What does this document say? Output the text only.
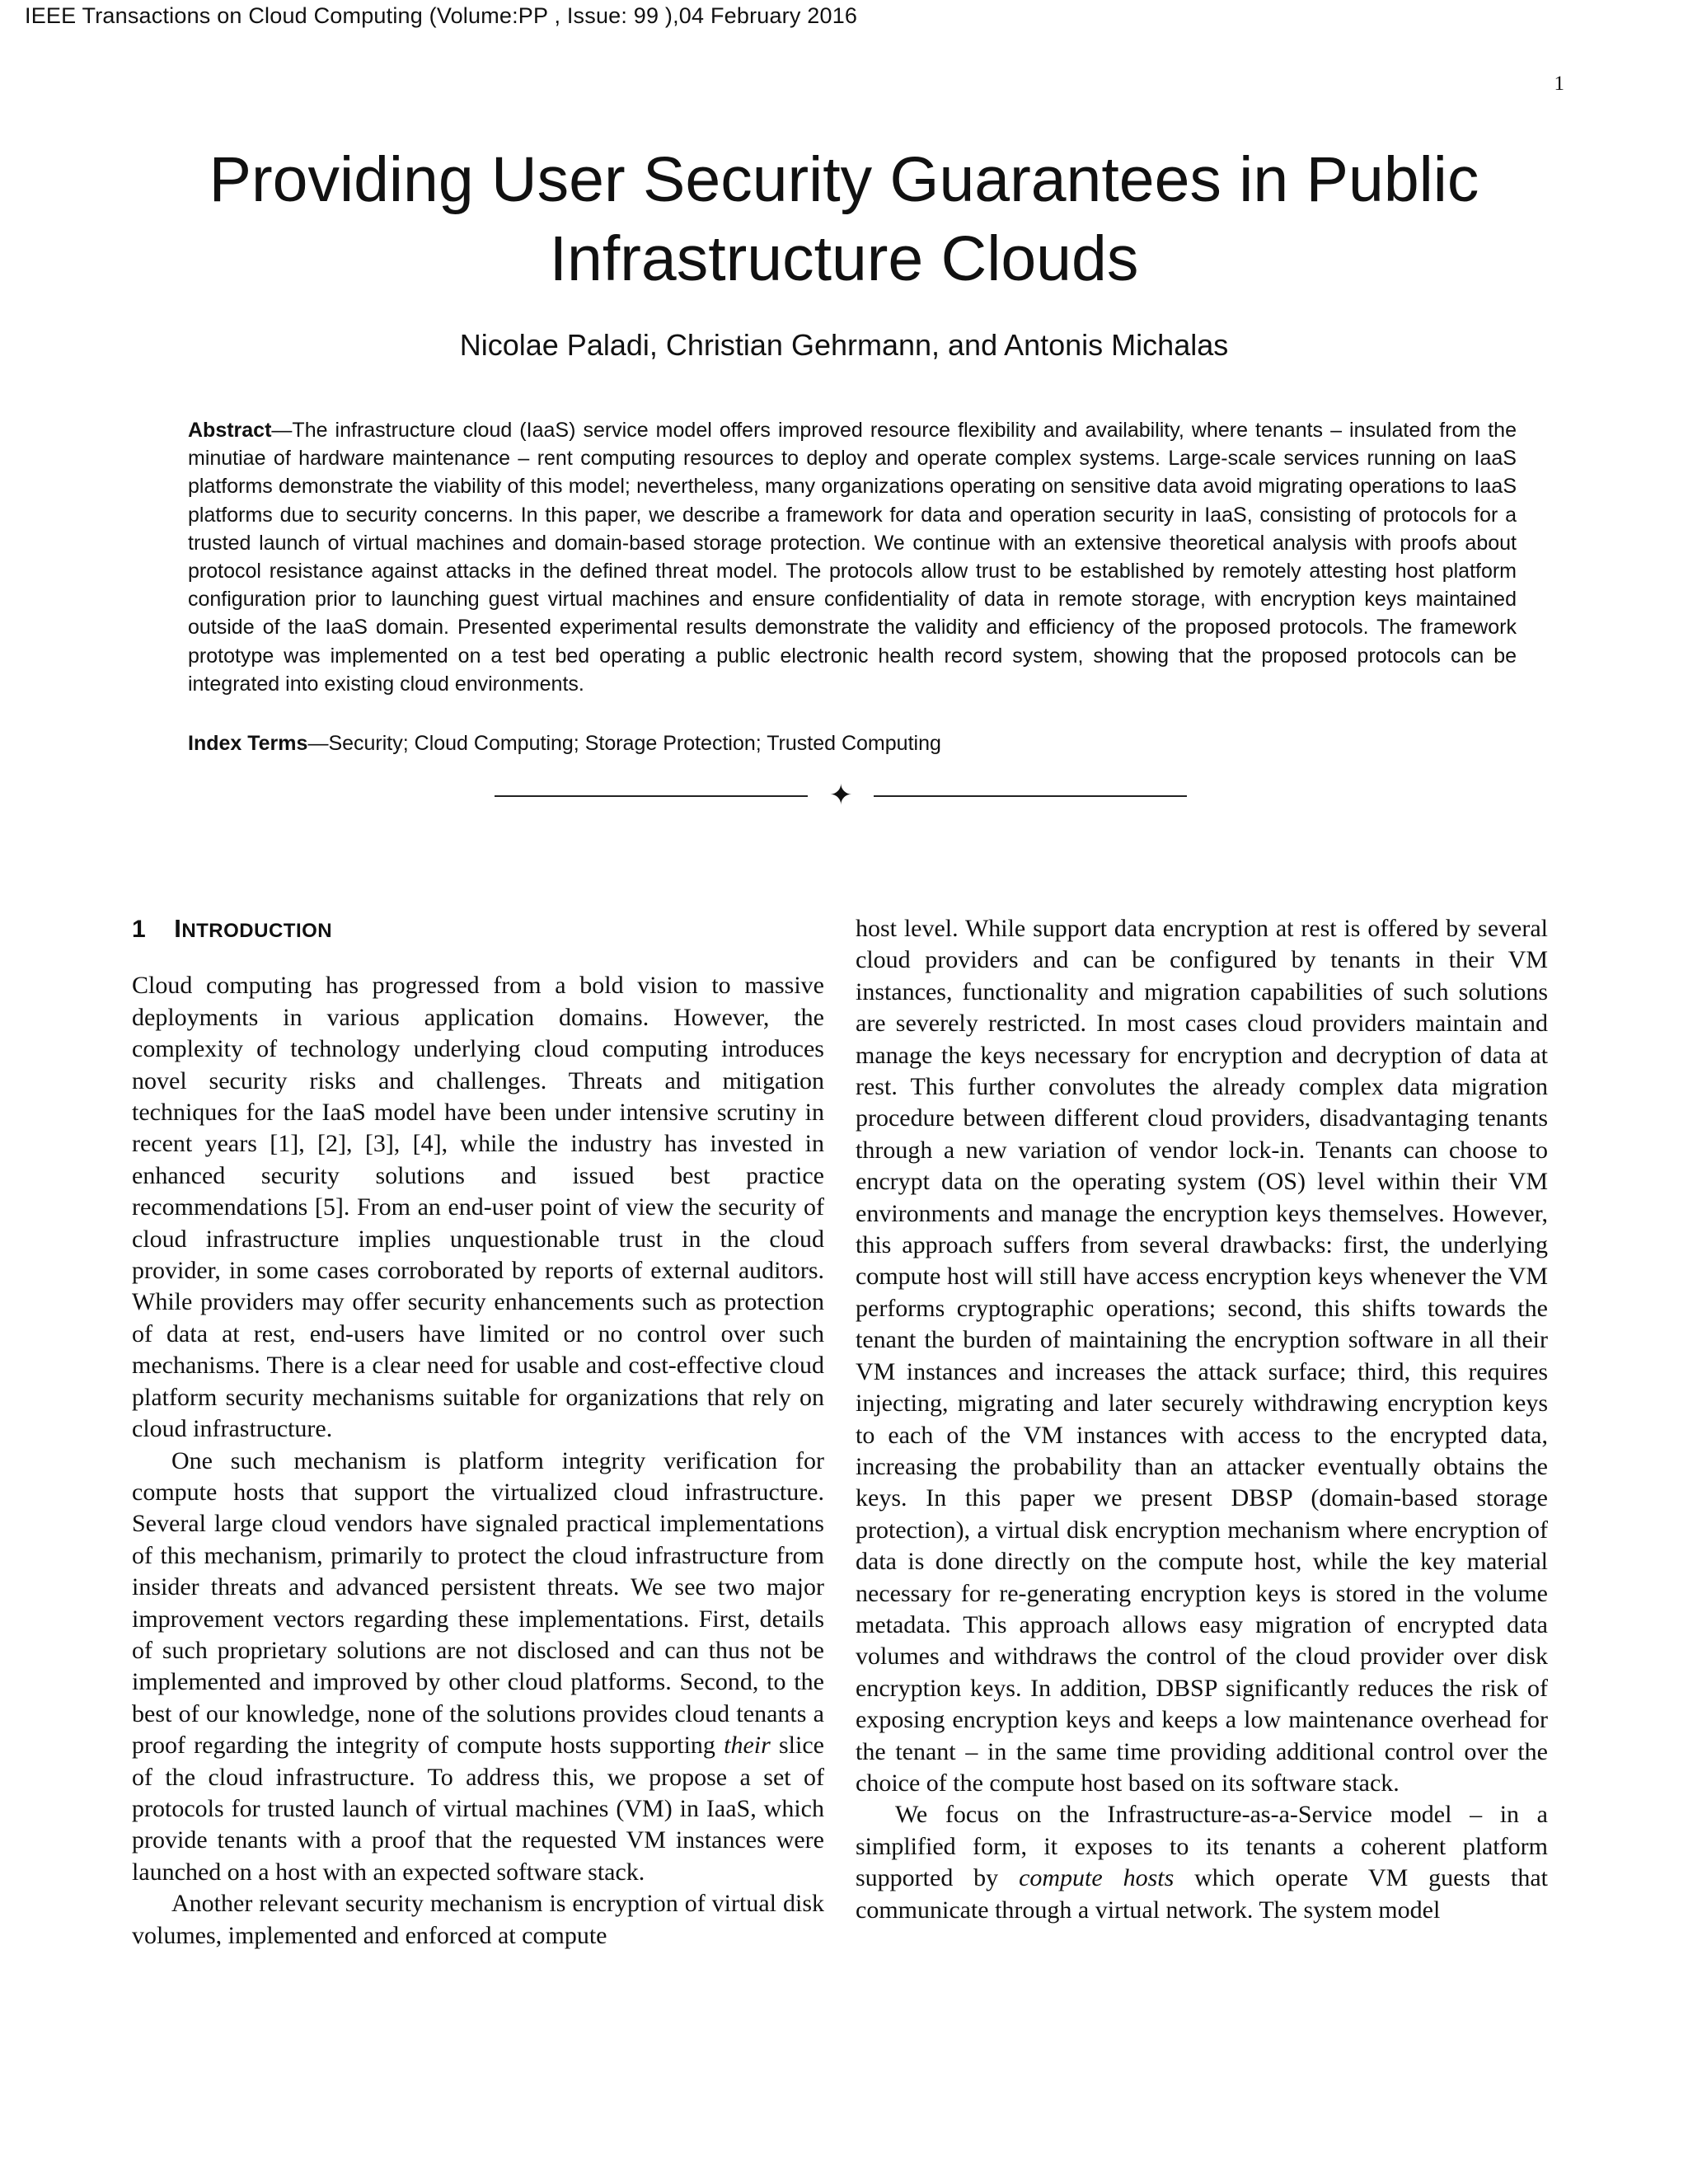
IEEE Transactions on Cloud Computing (Volume:PP , Issue: 99 ),04 February 2016
1
Providing User Security Guarantees in Public Infrastructure Clouds
Nicolae Paladi, Christian Gehrmann, and Antonis Michalas

Abstract—The infrastructure cloud (IaaS) service model offers improved resource flexibility and availability, where tenants – insulated from the minutiae of hardware maintenance – rent computing resources to deploy and operate complex systems. Large-scale services running on IaaS platforms demonstrate the viability of this model; nevertheless, many organizations operating on sensitive data avoid migrating operations to IaaS platforms due to security concerns. In this paper, we describe a framework for data and operation security in IaaS, consisting of protocols for a trusted launch of virtual machines and domain-based storage protection. We continue with an extensive theoretical analysis with proofs about protocol resistance against attacks in the defined threat model. The protocols allow trust to be established by remotely attesting host platform configuration prior to launching guest virtual machines and ensure confidentiality of data in remote storage, with encryption keys maintained outside of the IaaS domain. Presented experimental results demonstrate the validity and efficiency of the proposed protocols. The framework prototype was implemented on a test bed operating a public electronic health record system, showing that the proposed protocols can be integrated into existing cloud environments.

Index Terms—Security; Cloud Computing; Storage Protection; Trusted Computing
✦
1 INTRODUCTION

Cloud computing has progressed from a bold vision to massive deployments in various application domains. However, the complexity of technology underlying cloud computing introduces novel security risks and challenges. Threats and mitigation techniques for the IaaS model have been under intensive scrutiny in recent years [1], [2], [3], [4], while the industry has invested in enhanced security solutions and issued best practice recommendations [5]. From an end-user point of view the security of cloud infrastructure implies unquestionable trust in the cloud provider, in some cases corroborated by reports of external auditors. While providers may offer security enhancements such as protection of data at rest, end-users have limited or no control over such mechanisms. There is a clear need for usable and cost-effective cloud platform security mechanisms suitable for organizations that rely on cloud infrastructure.

One such mechanism is platform integrity verification for compute hosts that support the virtualized cloud infrastructure. Several large cloud vendors have signaled practical implementations of this mechanism, primarily to protect the cloud infrastructure from insider threats and advanced persistent threats. We see two major improvement vectors regarding these implementations. First, details of such proprietary solutions are not disclosed and can thus not be implemented and improved by other cloud platforms. Second, to the best of our knowledge, none of the solutions provides cloud tenants a proof regarding the integrity of compute hosts supporting their slice of the cloud infrastructure. To address this, we propose a set of protocols for trusted launch of virtual machines (VM) in IaaS, which provide tenants with a proof that the requested VM instances were launched on a host with an expected software stack.

Another relevant security mechanism is encryption of virtual disk volumes, implemented and enforced at compute

host level. While support data encryption at rest is offered by several cloud providers and can be configured by tenants in their VM instances, functionality and migration capabilities of such solutions are severely restricted. In most cases cloud providers maintain and manage the keys necessary for encryption and decryption of data at rest. This further convolutes the already complex data migration procedure between different cloud providers, disadvantaging tenants through a new variation of vendor lock-in. Tenants can choose to encrypt data on the operating system (OS) level within their VM environments and manage the encryption keys themselves. However, this approach suffers from several drawbacks: first, the underlying compute host will still have access encryption keys whenever the VM performs cryptographic operations; second, this shifts towards the tenant the burden of maintaining the encryption software in all their VM instances and increases the attack surface; third, this requires injecting, migrating and later securely withdrawing encryption keys to each of the VM instances with access to the encrypted data, increasing the probability than an attacker eventually obtains the keys. In this paper we present DBSP (domain-based storage protection), a virtual disk encryption mechanism where encryption of data is done directly on the compute host, while the key material necessary for re-generating encryption keys is stored in the volume metadata. This approach allows easy migration of encrypted data volumes and withdraws the control of the cloud provider over disk encryption keys. In addition, DBSP significantly reduces the risk of exposing encryption keys and keeps a low maintenance overhead for the tenant – in the same time providing additional control over the choice of the compute host based on its software stack.

We focus on the Infrastructure-as-a-Service model – in a simplified form, it exposes to its tenants a coherent platform supported by compute hosts which operate VM guests that communicate through a virtual network. The system model
